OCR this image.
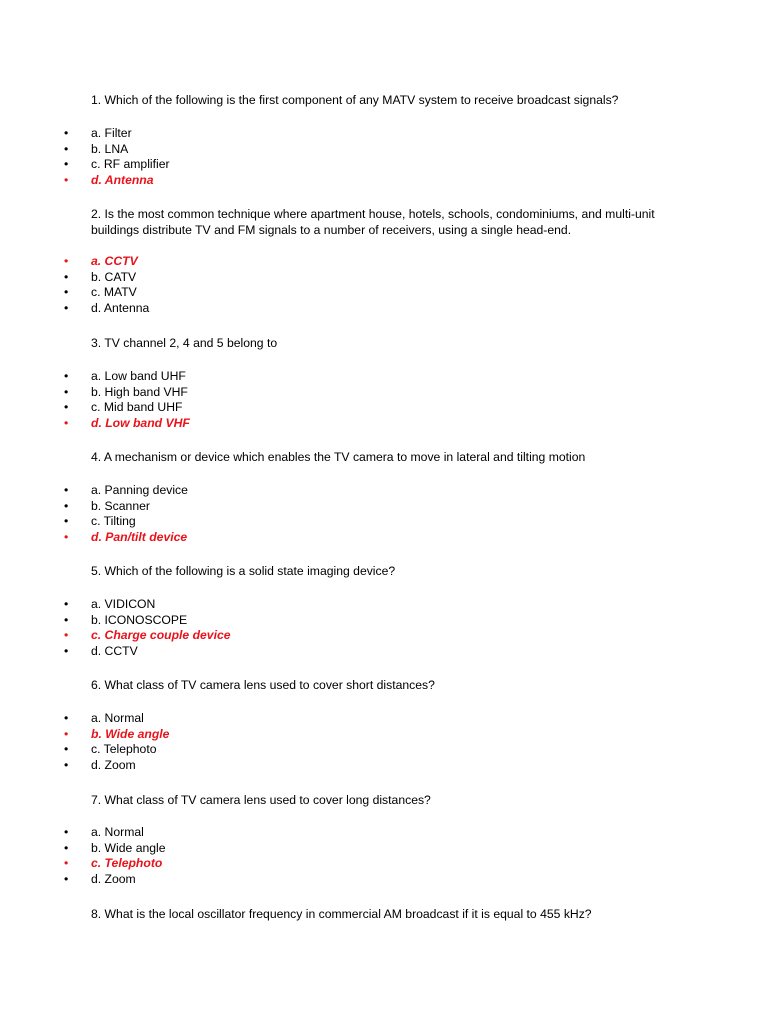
1. Which of the following is the first component of any MATV system to receive broadcast signals?

•	a. Filter
•	b. LNA
•	c. RF amplifier
•	d. Antenna

2. Is the most common technique where apartment house, hotels, schools, condominiums, and multi-unit buildings distribute TV and FM signals to a number of receivers, using a single head-end.

•	a. CCTV
•	b. CATV
•	c. MATV
•	d. Antenna

3. TV channel 2, 4 and 5 belong to

•	a. Low band UHF
•	b. High band VHF
•	c. Mid band UHF
•	d. Low band VHF

4. A mechanism or device which enables the TV camera to move in lateral and tilting motion

•	a. Panning device
•	b. Scanner
•	c. Tilting
•	d. Pan/tilt device

5. Which of the following is a solid state imaging device?

•	a. VIDICON
•	b. ICONOSCOPE
•	c. Charge couple device
•	d. CCTV

6. What class of TV camera lens used to cover short distances?

•	a. Normal
•	b. Wide angle
•	c. Telephoto
•	d. Zoom

7. What class of TV camera lens used to cover long distances?

•	a. Normal
•	b. Wide angle
•	c. Telephoto
•	d. Zoom

8. What is the local oscillator frequency in commercial AM broadcast if it is equal to 455 kHz?
